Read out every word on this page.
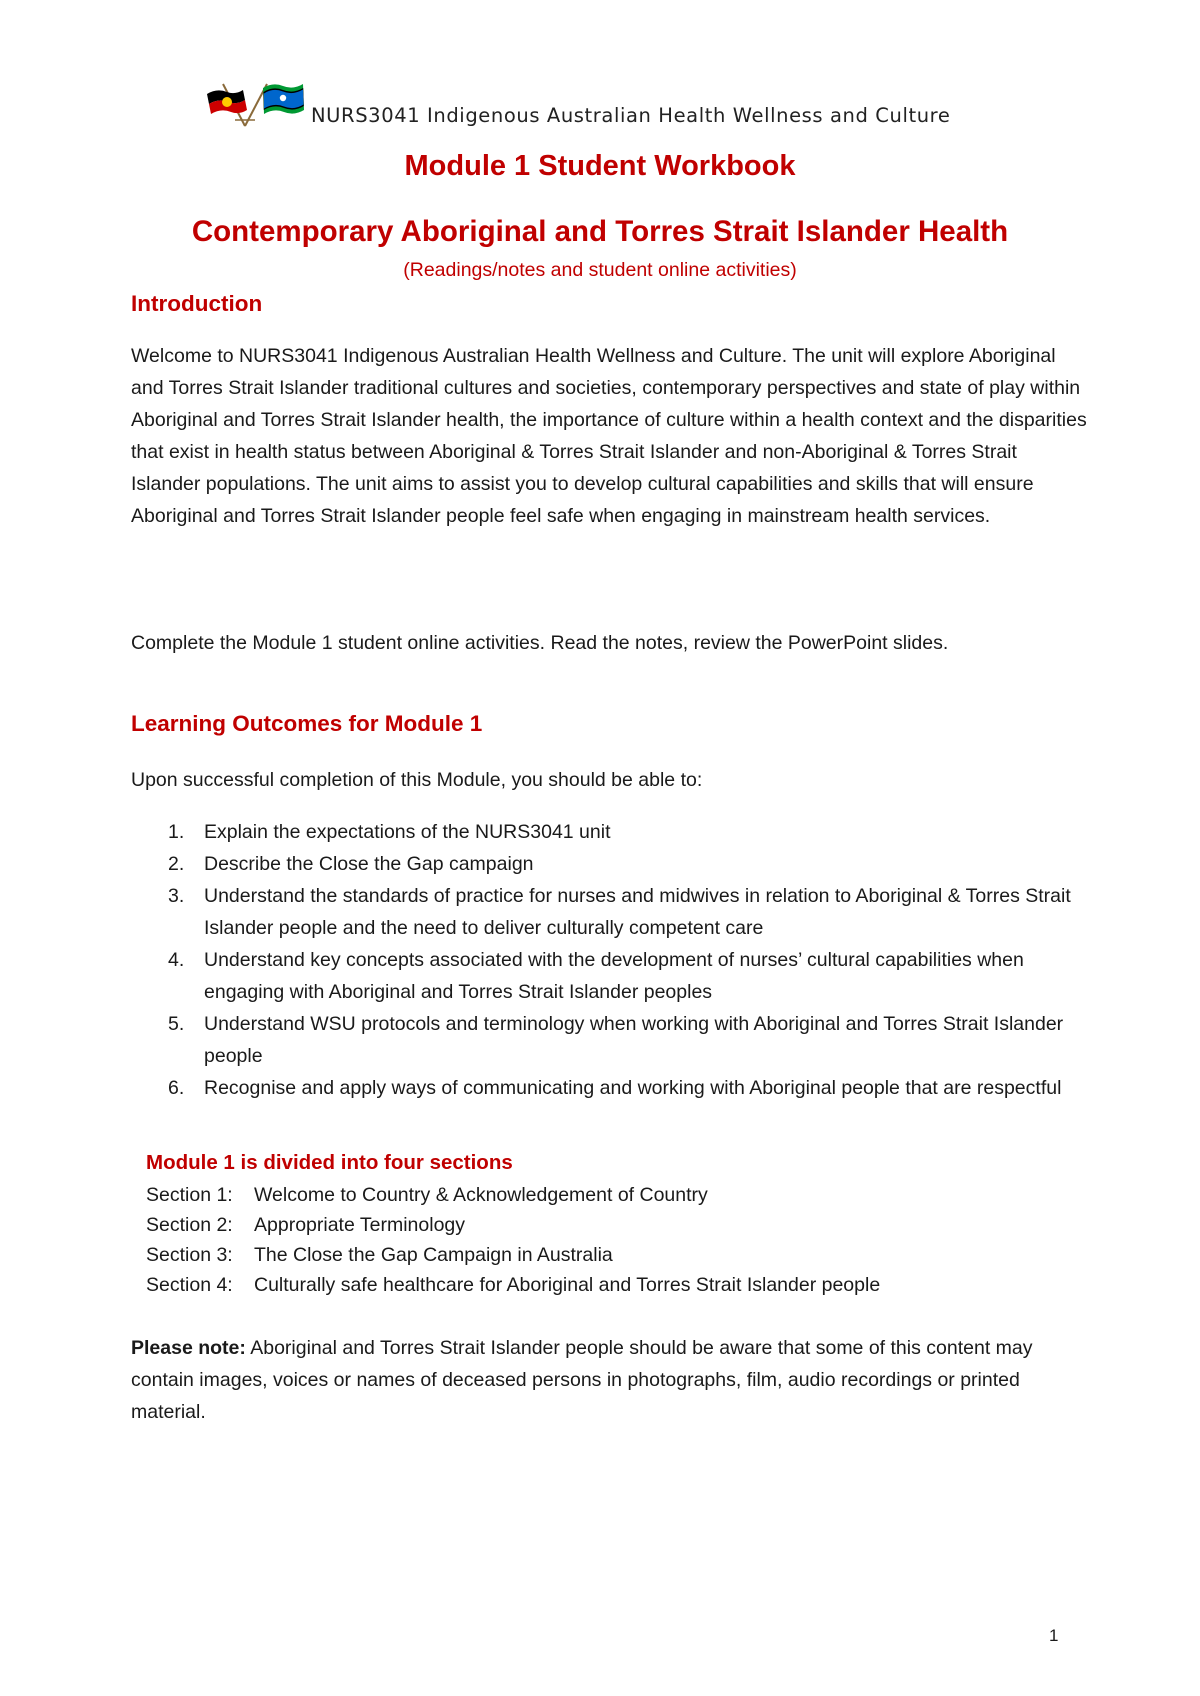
NURS3041 Indigenous Australian Health Wellness and Culture
Module 1 Student Workbook
Contemporary Aboriginal and Torres Strait Islander Health
(Readings/notes and student online activities)
Introduction
Welcome to NURS3041 Indigenous Australian Health Wellness and Culture. The unit will explore Aboriginal and Torres Strait Islander traditional cultures and societies, contemporary perspectives and state of play within Aboriginal and Torres Strait Islander health, the importance of culture within a health context and the disparities that exist in health status between Aboriginal & Torres Strait Islander and non-Aboriginal & Torres Strait Islander populations. The unit aims to assist you to develop cultural capabilities and skills that will ensure Aboriginal and Torres Strait Islander people feel safe when engaging in mainstream health services.
Complete the Module 1 student online activities. Read the notes, review the PowerPoint slides.
Learning Outcomes for Module 1
Upon successful completion of this Module, you should be able to:
1.	Explain the expectations of the NURS3041 unit
2.	Describe the Close the Gap campaign
3.	Understand the standards of practice for nurses and midwives in relation to Aboriginal & Torres Strait Islander people and the need to deliver culturally competent care
4.	Understand key concepts associated with the development of nurses’ cultural capabilities when engaging with Aboriginal and Torres Strait Islander peoples
5.	Understand WSU protocols and terminology when working with Aboriginal and Torres Strait Islander people
6.	Recognise and apply ways of communicating and working with Aboriginal people that are respectful
Module 1 is divided into four sections
Section 1: Welcome to Country & Acknowledgement of Country
Section 2: Appropriate Terminology
Section 3: The Close the Gap Campaign in Australia
Section 4: Culturally safe healthcare for Aboriginal and Torres Strait Islander people
Please note: Aboriginal and Torres Strait Islander people should be aware that some of this content may contain images, voices or names of deceased persons in photographs, film, audio recordings or printed material.
1
